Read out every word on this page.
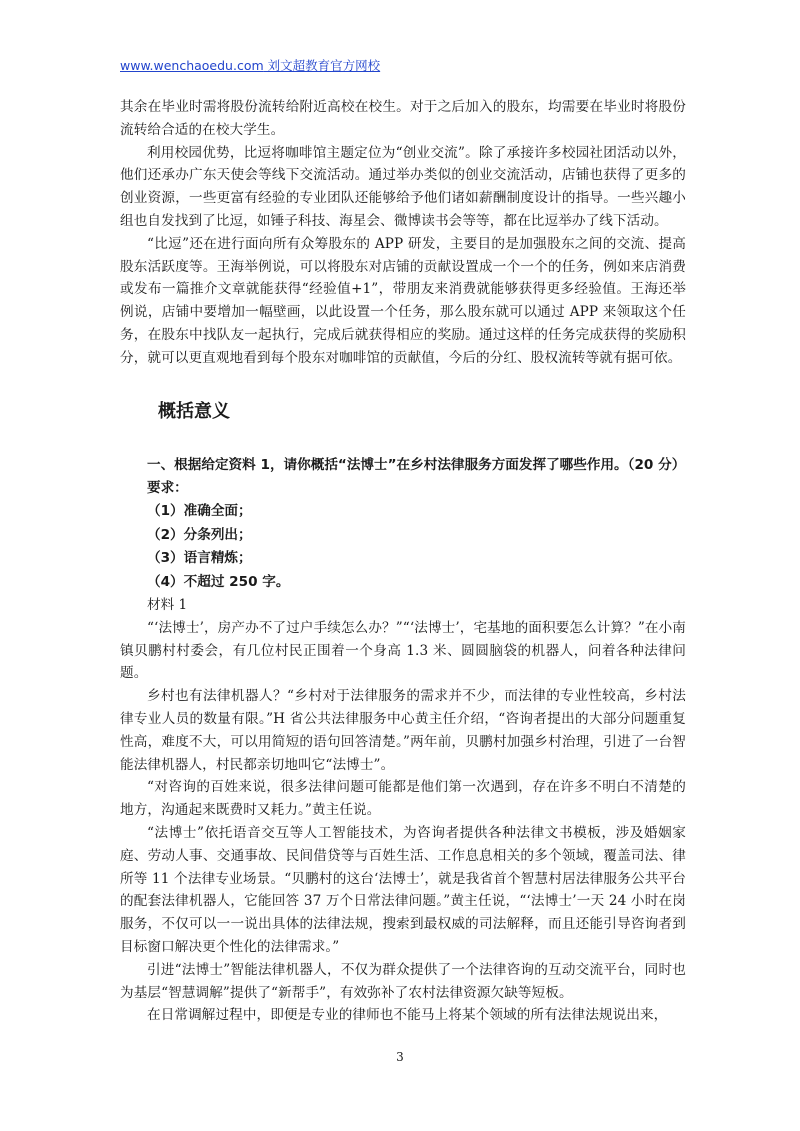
www.wenchaoedu.com 刘文超教育官方网校

其余在毕业时需将股份流转给附近高校在校生。对于之后加入的股东，均需要在毕业时将股份流转给合适的在校大学生。

利用校园优势，比逗将咖啡馆主题定位为“创业交流”。除了承接许多校园社团活动以外，他们还承办广东天使会等线下交流活动。通过举办类似的创业交流活动，店铺也获得了更多的创业资源，一些更富有经验的专业团队还能够给予他们诸如薪酬制度设计的指导。一些兴趣小组也自发找到了比逗，如锤子科技、海星会、微博读书会等等，都在比逗举办了线下活动。

“比逗”还在进行面向所有众筹股东的 APP 研发，主要目的是加强股东之间的交流、提高股东活跃度等。王海举例说，可以将股东对店铺的贡献设置成一个一个的任务，例如来店消费或发布一篇推介文章就能获得“经验值+1”，带朋友来消费就能够获得更多经验值。王海还举例说，店铺中要增加一幅壁画，以此设置一个任务，那么股东就可以通过 APP 来领取这个任务，在股东中找队友一起执行，完成后就获得相应的奖励。通过这样的任务完成获得的奖励积分，就可以更直观地看到每个股东对咖啡馆的贡献值，今后的分红、股权流转等就有据可依。

概括意义
一、根据给定资料 1，请你概括“法博士”在乡村法律服务方面发挥了哪些作用。（20 分）
要求：
（1）准确全面；
（2）分条列出；
（3）语言精炼；
（4）不超过 250 字。
材料 1

“‘法博士’，房产办不了过户手续怎么办？”“‘法博士’，宅基地的面积要怎么计算？”在小南镇贝鹏村村委会，有几位村民正围着一个身高 1.3 米、圆圆脑袋的机器人，问着各种法律问题。

乡村也有法律机器人？“乡村对于法律服务的需求并不少，而法律的专业性较高，乡村法律专业人员的数量有限。”H 省公共法律服务中心黄主任介绍，“咨询者提出的大部分问题重复性高，难度不大，可以用简短的语句回答清楚。”两年前，贝鹏村加强乡村治理，引进了一台智能法律机器人，村民都亲切地叫它“法博士”。

“对咨询的百姓来说，很多法律问题可能都是他们第一次遇到，存在许多不明白不清楚的地方，沟通起来既费时又耗力。”黄主任说。

“法博士”依托语音交互等人工智能技术，为咨询者提供各种法律文书模板，涉及婚姻家庭、劳动人事、交通事故、民间借贷等与百姓生活、工作息息相关的多个领域，覆盖司法、律所等 11 个法律专业场景。“贝鹏村的这台‘法博士’，就是我省首个智慧村居法律服务公共平台的配套法律机器人，它能回答 37 万个日常法律问题。”黄主任说，“‘法博士’一天 24 小时在岗服务，不仅可以一一说出具体的法律法规，搜索到最权威的司法解释，而且还能引导咨询者到目标窗口解决更个性化的法律需求。”

引进“法博士”智能法律机器人，不仅为群众提供了一个法律咨询的互动交流平台，同时也为基层“智慧调解”提供了“新帮手”，有效弥补了农村法律资源欠缺等短板。

在日常调解过程中，即便是专业的律师也不能马上将某个领域的所有法律法规说出来，

3
